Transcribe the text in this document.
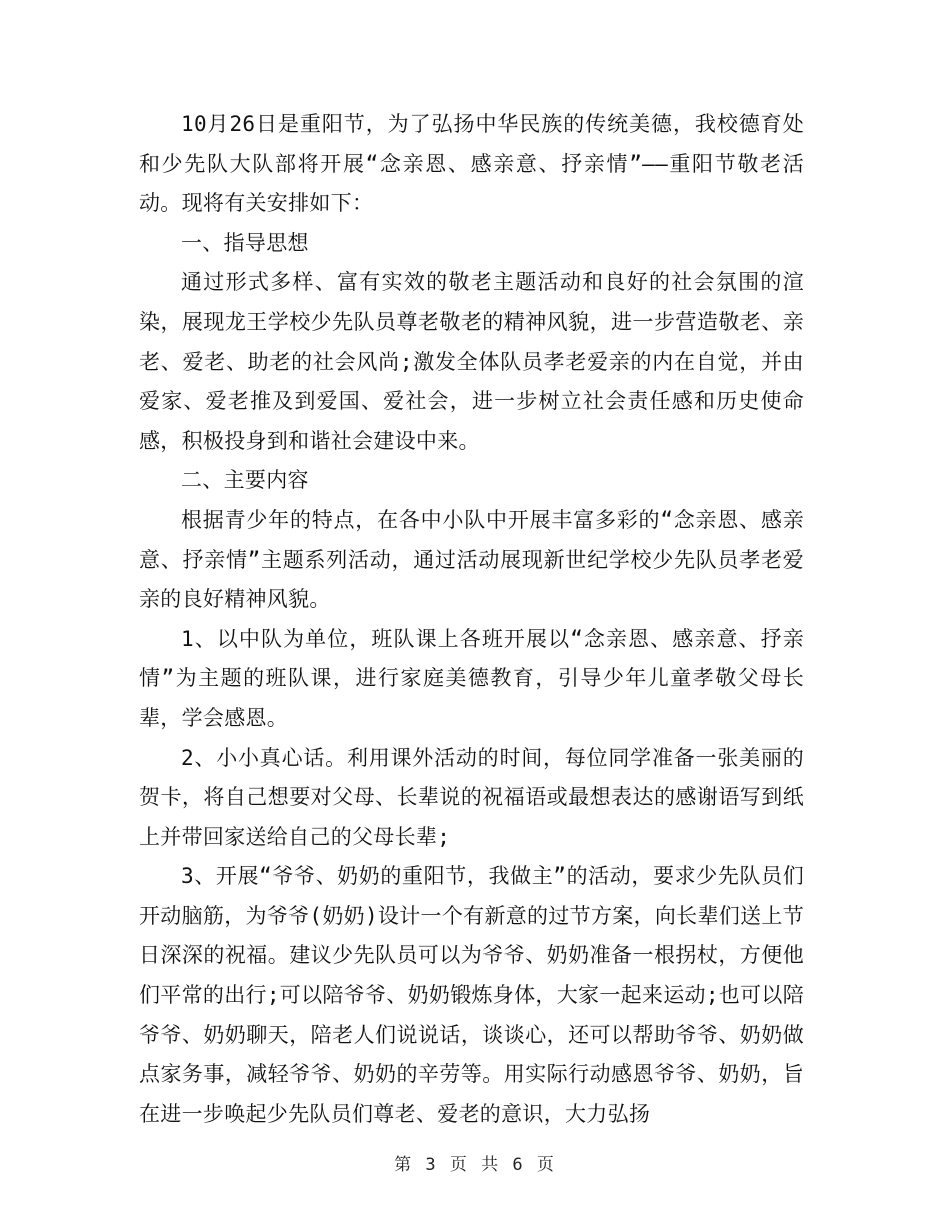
10月26日是重阳节，为了弘扬中华民族的传统美德，我校德育处和少先队大队部将开展“念亲恩、感亲意、抒亲情”——重阳节敬老活动。现将有关安排如下：

一、指导思想

通过形式多样、富有实效的敬老主题活动和良好的社会氛围的渲染，展现龙王学校少先队员尊老敬老的精神风貌，进一步营造敬老、亲老、爱老、助老的社会风尚;激发全体队员孝老爱亲的内在自觉，并由爱家、爱老推及到爱国、爱社会，进一步树立社会责任感和历史使命感，积极投身到和谐社会建设中来。

二、主要内容

根据青少年的特点，在各中小队中开展丰富多彩的“念亲恩、感亲意、抒亲情”主题系列活动，通过活动展现新世纪学校少先队员孝老爱亲的良好精神风貌。

1、以中队为单位，班队课上各班开展以“念亲恩、感亲意、抒亲情”为主题的班队课，进行家庭美德教育，引导少年儿童孝敬父母长辈，学会感恩。

2、小小真心话。利用课外活动的时间，每位同学准备一张美丽的贺卡，将自己想要对父母、长辈说的祝福语或最想表达的感谢语写到纸上并带回家送给自己的父母长辈;

3、开展“爷爷、奶奶的重阳节，我做主”的活动，要求少先队员们开动脑筋，为爷爷(奶奶)设计一个有新意的过节方案，向长辈们送上节日深深的祝福。建议少先队员可以为爷爷、奶奶准备一根拐杖，方便他们平常的出行;可以陪爷爷、奶奶锻炼身体，大家一起来运动;也可以陪爷爷、奶奶聊天，陪老人们说说话，谈谈心，还可以帮助爷爷、奶奶做点家务事，减轻爷爷、奶奶的辛劳等。用实际行动感恩爷爷、奶奶，旨在进一步唤起少先队员们尊老、爱老的意识，大力弘扬

第 3 页 共 6 页
